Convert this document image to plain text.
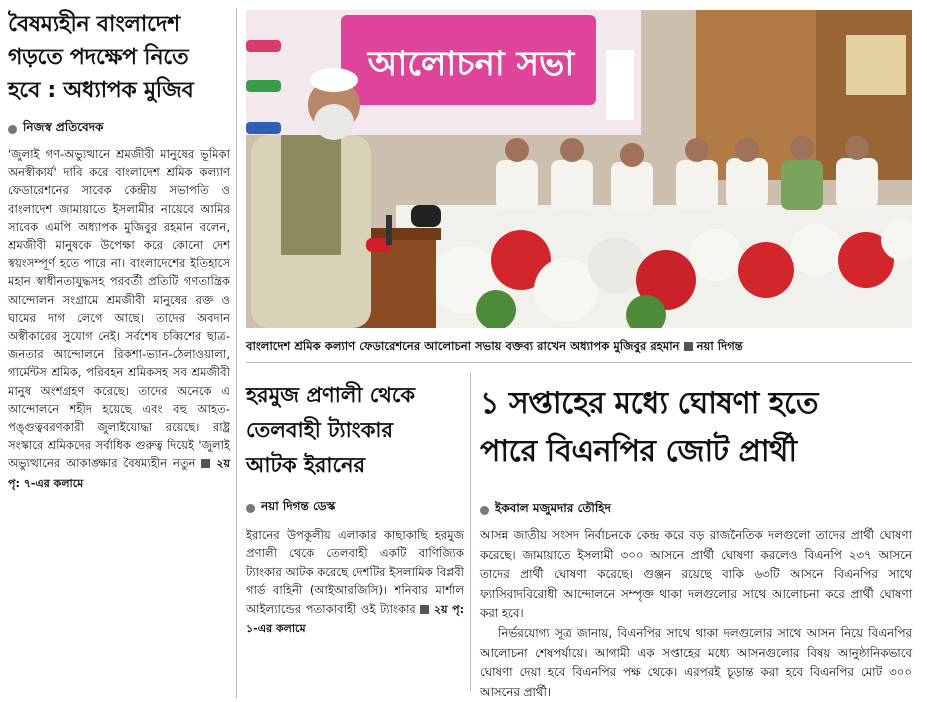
বৈষম্যহীন বাংলাদেশ
গড়তে পদক্ষেপ নিতে
হবে : অধ্যাপক মুজিব
নিজস্ব প্রতিবেদক

'জুলাই গণ-অভ্যুত্থানে শ্রমজীবী মানুষের ভূমিকা অনস্বীকার্য' দাবি করে বাংলাদেশ শ্রমিক কল্যাণ ফেডারেশনের সাবেক কেন্দ্রীয় সভাপতি ও বাংলাদেশ জামায়াতে ইসলামীর নায়েবে আমির সাবেক এমপি অধ্যাপক মুজিবুর রহমান বলেন, শ্রমজীবী মানুষকে উপেক্ষা করে কোনো দেশ স্বয়ংসম্পূর্ণ হতে পারে না। বাংলাদেশের ইতিহাসে মহান স্বাধীনতাযুদ্ধসহ পরবর্তী প্রতিটি গণতান্ত্রিক আন্দোলন সংগ্রামে শ্রমজীবী মানুষের রক্ত ও ঘামের দাগ লেগে আছে। তাদের অবদান অস্বীকারের সুযোগ নেই। সর্বশেষ চব্বিশের ছাত্র-জনতার আন্দোলনে রিকশা-ভ্যান-ঠেলাওয়ালা, গার্মেন্টস শ্রমিক, পরিবহন শ্রমিকসহ সব শ্রমজীবী মানুষ অংশগ্রহণ করেছে। তাদের অনেকে এ আন্দোলনে শহীদ হয়েছে এবং বহু আহত-পঙ্গুত্ববরণকারী জুলাইযোদ্ধা রয়েছে। রাষ্ট্র সংস্কারে শ্রমিকদের সর্বাধিক গুরুত্ব দিয়েই 'জুলাই অভ্যুত্থানের আকাঙ্ক্ষার বৈষম্যহীন নতুন ২য় পৃ: ৭-এর কলামে

আলোচনা সভা
বাংলাদেশ শ্রমিক কল্যাণ ফেডারেশনের আলোচনা সভায় বক্তব্য রাখেন অধ্যাপক মুজিবুর রহমান নয়া দিগন্ত
হরমুজ প্রণালী থেকে
তেলবাহী ট্যাংকার
আটক ইরানের
নয়া দিগন্ত ডেস্ক

ইরানের উপকূলীয় এলাকার কাছাকাছি হরমুজ প্রণালী থেকে তেলবাহী একটি বাণিজ্যিক ট্যাংকার আটক করেছে দেশটির ইসলামিক বিপ্লবী গার্ড বাহিনী (আইআরজিসি)। শনিবার মার্শাল আইল্যান্ডের পতাকাবাহী ওই ট্যাংকার ২য় পৃ: ১-এর কলামে

১ সপ্তাহের মধ্যে ঘোষণা হতে
পারে বিএনপির জোট প্রার্থী
ইকবাল মজুমদার তৌহিদ

আসন্ন জাতীয় সংসদ নির্বাচনকে কেন্দ্র করে বড় রাজনৈতিক দলগুলো তাদের প্রার্থী ঘোষণা করেছে। জামায়াতে ইসলামী ৩০০ আসনে প্রার্থী ঘোষণা করলেও বিএনপি ২৩৭ আসনে তাদের প্রার্থী ঘোষণা করেছে। গুঞ্জন রয়েছে বাকি ৬৩টি আসনে বিএনপির সাথে ফ্যাসিবাদবিরোধী আন্দোলনে সম্পৃক্ত থাকা দলগুলোর সাথে আলোচনা করে প্রার্থী ঘোষণা করা হবে।

নির্ভরযোগ্য সূত্র জানায়, বিএনপির সাথে থাকা দলগুলোর সাথে আসন নিয়ে বিএনপির আলোচনা শেষপর্যায়ে। আগামী এক সপ্তাহের মধ্যে আসনগুলোর বিষয় আনুষ্ঠানিকভাবে ঘোষণা দেয়া হবে বিএনপির পক্ষ থেকে। এরপরই চূড়ান্ত করা হবে বিএনপির মোট ৩০০ আসনের প্রার্থী।
